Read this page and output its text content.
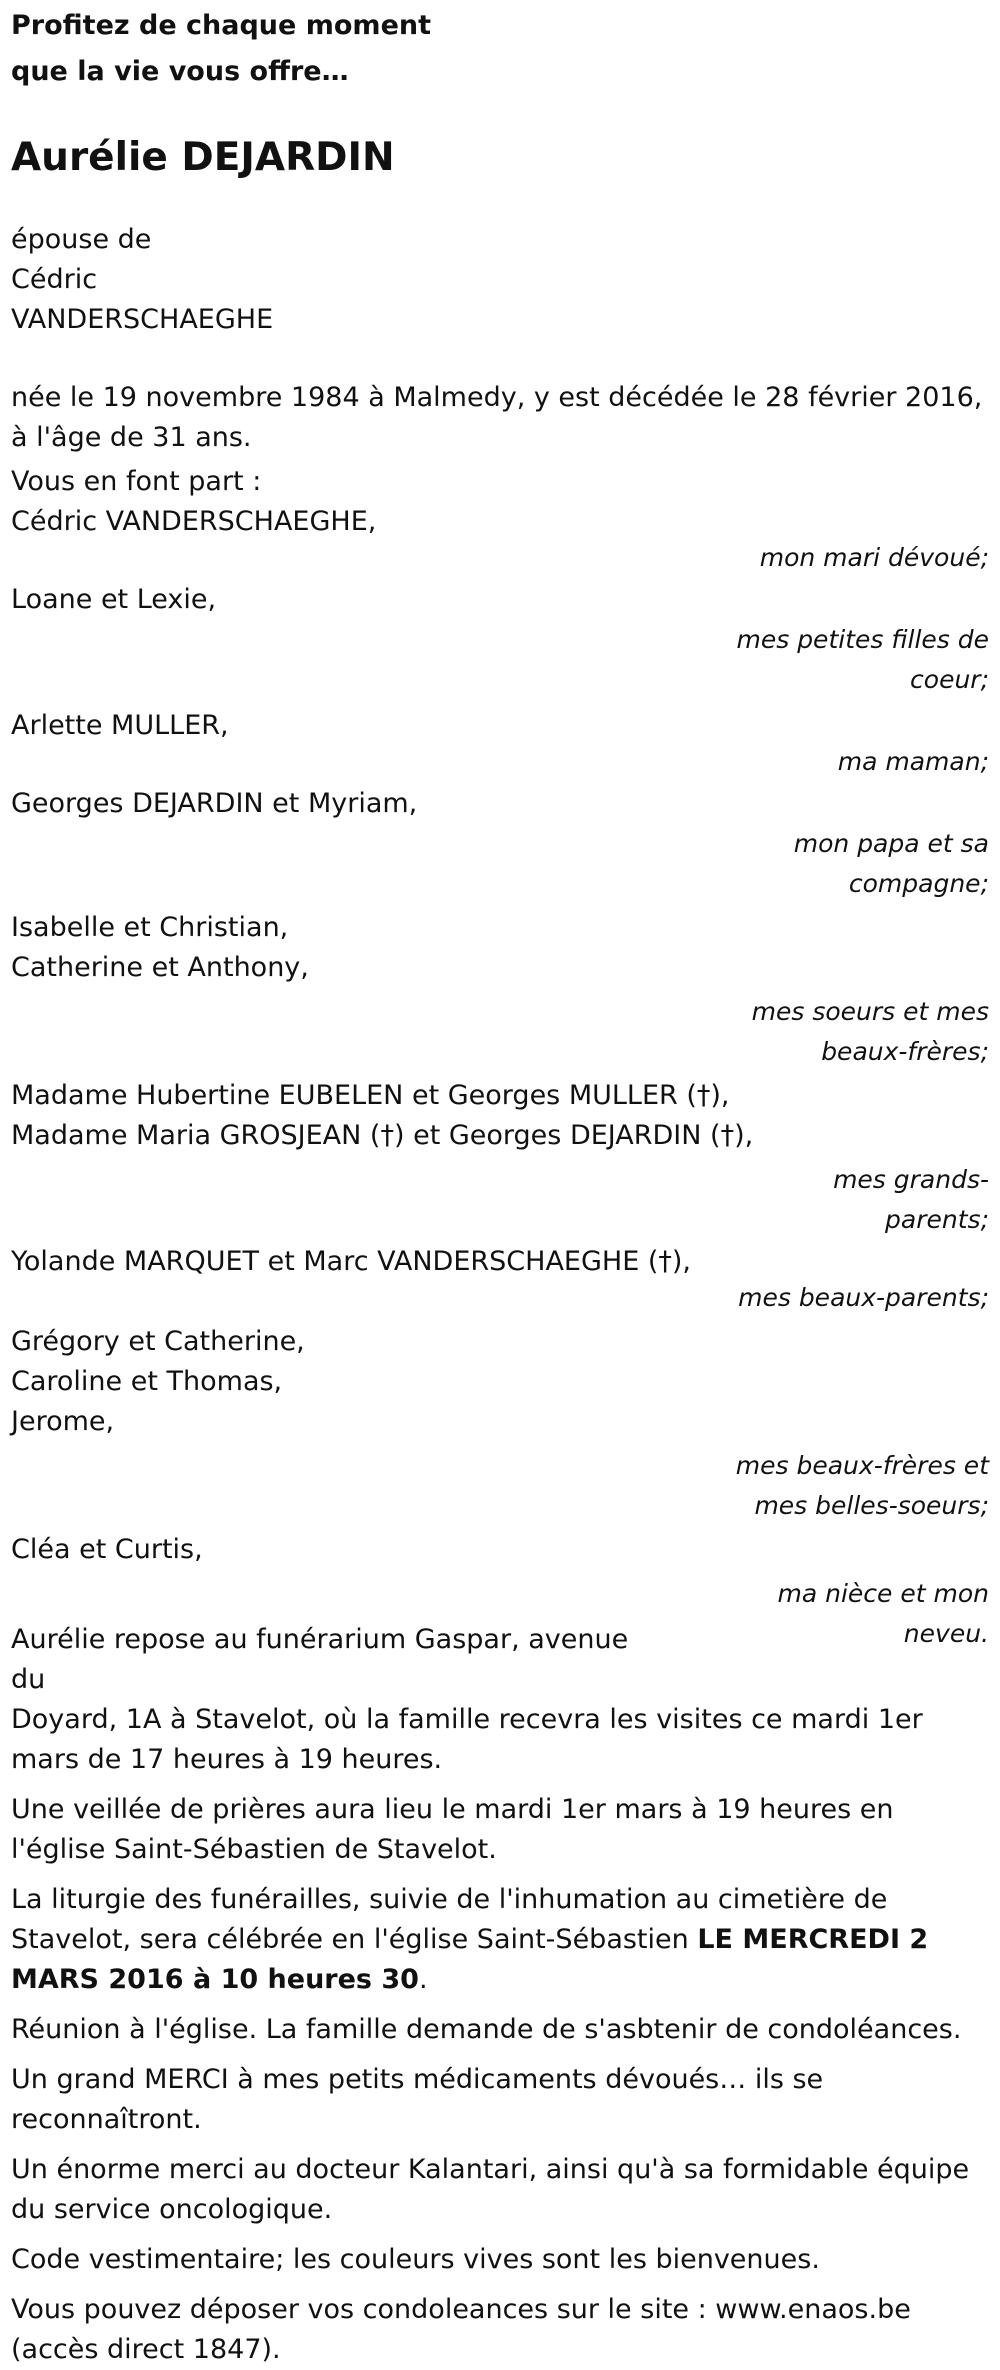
Profitez de chaque moment
que la vie vous offre…
Aurélie DEJARDIN
épouse de
Cédric
VANDERSCHAEGHE
née le 19 novembre 1984 à Malmedy, y est décédée le 28 février 2016, à l'âge de 31 ans.
Vous en font part :
Cédric VANDERSCHAEGHE,
mon mari dévoué;
Loane et Lexie,
mes petites filles de
coeur;
Arlette MULLER,
ma maman;
Georges DEJARDIN et Myriam,
mon papa et sa
compagne;
Isabelle et Christian,
Catherine et Anthony,
mes soeurs et mes
beaux-frères;
Madame Hubertine EUBELEN et Georges MULLER (†),
Madame Maria GROSJEAN (†) et Georges DEJARDIN (†),
mes grands-
parents;
Yolande MARQUET et Marc VANDERSCHAEGHE (†),
mes beaux-parents;
Grégory et Catherine,
Caroline et Thomas,
Jerome,
mes beaux-frères et
mes belles-soeurs;
Cléa et Curtis,
ma nièce et mon
neveu.
Aurélie repose au funérarium Gaspar, avenue du
Doyard, 1A à Stavelot, où la famille recevra les visites ce mardi 1er mars de 17 heures à 19 heures.
Une veillée de prières aura lieu le mardi 1er mars à 19 heures en l'église Saint-Sébastien de Stavelot.
La liturgie des funérailles, suivie de l'inhumation au cimetière de Stavelot, sera célébrée en l'église Saint-Sébastien LE MERCREDI 2 MARS 2016 à 10 heures 30.
Réunion à l'église. La famille demande de s'asbtenir de condoléances.
Un grand MERCI à mes petits médicaments dévoués… ils se reconnaîtront.
Un énorme merci au docteur Kalantari, ainsi qu'à sa formidable équipe du service oncologique.
Code vestimentaire; les couleurs vives sont les bienvenues.
Vous pouvez déposer vos condoleances sur le site : www.enaos.be (accès direct 1847).
